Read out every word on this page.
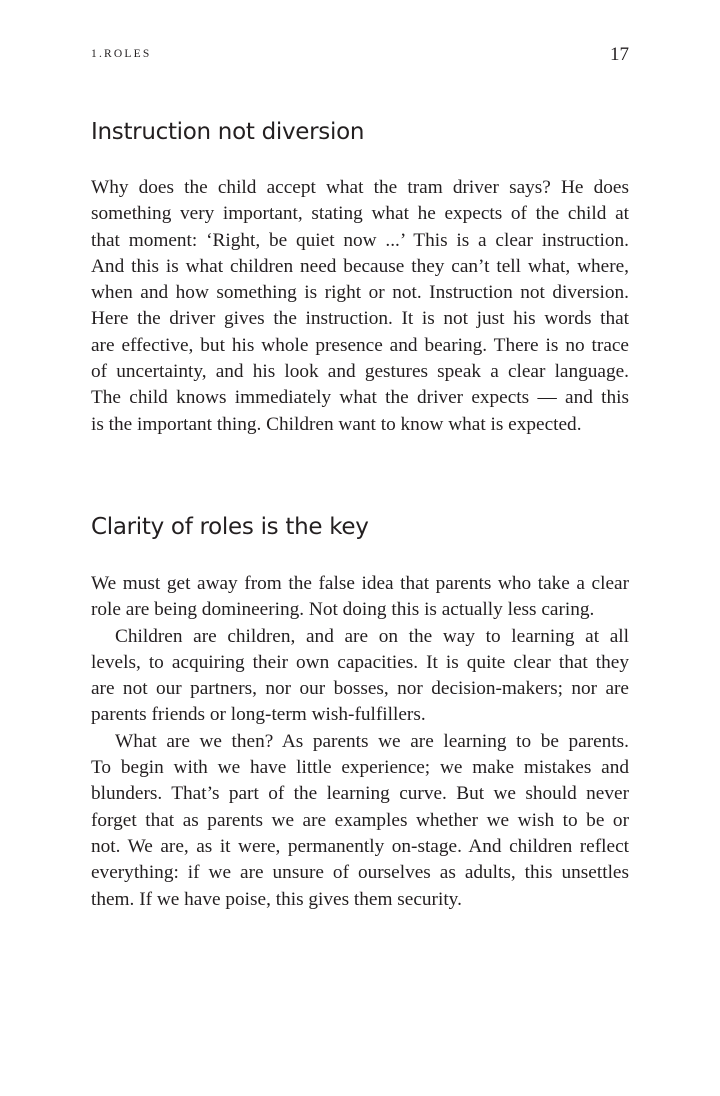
1.ROLES	17
Instruction not diversion
Why does the child accept what the tram driver says? He does
something very important, stating what he expects of the child at
that moment: ‘Right, be quiet now ...’ This is a clear instruction.
And this is what children need because they can’t tell what, where,
when and how something is right or not. Instruction not diversion.
Here the driver gives the instruction. It is not just his words that
are effective, but his whole presence and bearing. There is no trace
of uncertainty, and his look and gestures speak a clear language.
The child knows immediately what the driver expects — and this
is the important thing. Children want to know what is expected.
Clarity of roles is the key
We must get away from the false idea that parents who take a clear
role are being domineering. Not doing this is actually less caring.
Children are children, and are on the way to learning at all
levels, to acquiring their own capacities. It is quite clear that they
are not our partners, nor our bosses, nor decision-makers; nor are
parents friends or long-term wish-fulfillers.
What are we then? As parents we are learning to be parents.
To begin with we have little experience; we make mistakes and
blunders. That’s part of the learning curve. But we should never
forget that as parents we are examples whether we wish to be or
not. We are, as it were, permanently on-stage. And children reflect
everything: if we are unsure of ourselves as adults, this unsettles
them. If we have poise, this gives them security.
